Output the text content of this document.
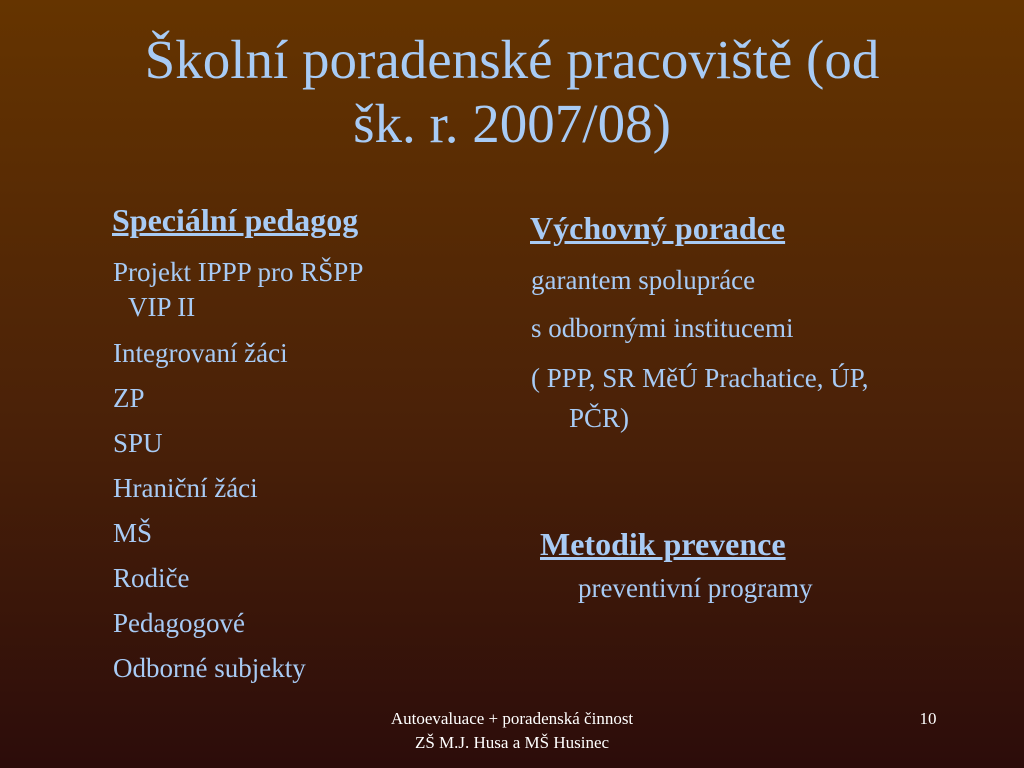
Školní poradenské pracoviště (od
šk. r. 2007/08)
Speciální pedagog
Projekt IPPP pro RŠPP
VIP II
Integrovaní žáci
ZP
SPU
Hraniční žáci
MŠ
Rodiče
Pedagogové
Odborné subjekty
Výchovný poradce
garantem spolupráce
s odbornými institucemi
( PPP, SR MěÚ Prachatice, ÚP,
PČR)
Metodik prevence
preventivní programy
Autoevaluace + poradenská činnost
ZŠ M.J. Husa a MŠ Husinec
10
